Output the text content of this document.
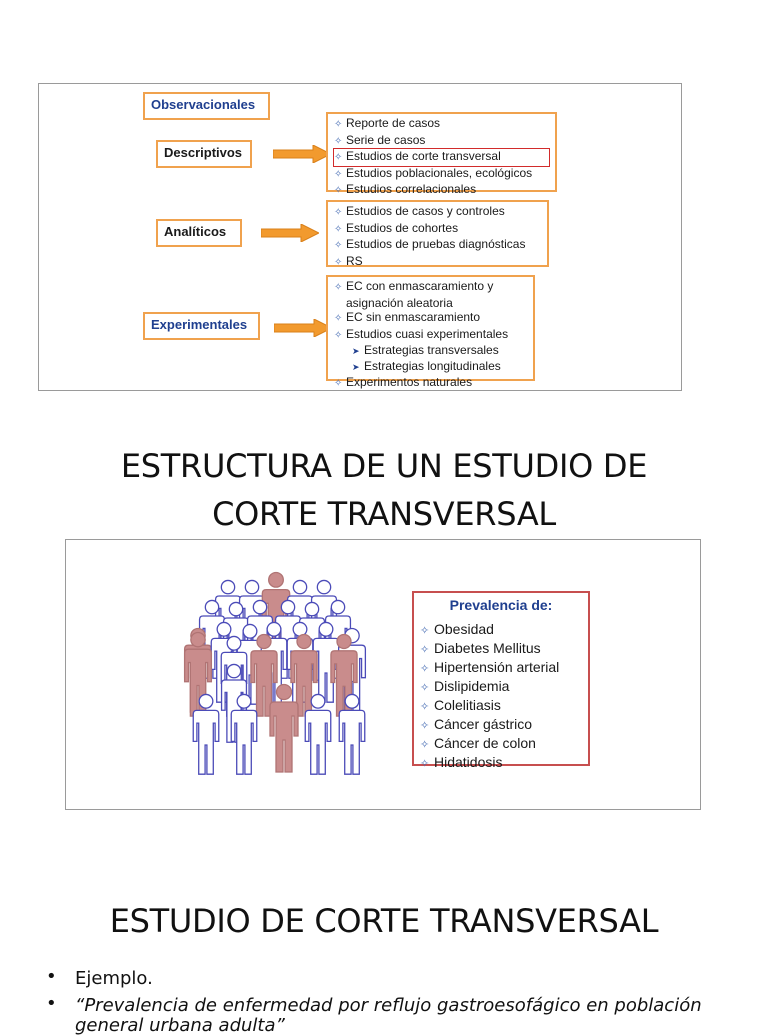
Observacionales
Descriptivos
✧ Reporte de casos
✧ Serie de casos
✧ Estudios de corte transversal
✧ Estudios poblacionales, ecológicos
✧ Estudios correlacionales
Analíticos
✧ Estudios de casos y controles
✧ Estudios de cohortes
✧ Estudios de pruebas diagnósticas
✧ RS
Experimentales
✧ EC con enmascaramiento y
asignación aleatoria
✧ EC sin enmascaramiento
✧ Estudios cuasi experimentales
➤ Estrategias transversales
➤ Estrategias longitudinales
✧ Experimentos naturales
ESTRUCTURA DE UN ESTUDIO DE
CORTE TRANSVERSAL
Prevalencia de:
✧ Obesidad
✧ Diabetes Mellitus
✧ Hipertensión arterial
✧ Dislipidemia
✧ Colelitiasis
✧ Cáncer gástrico
✧ Cáncer de colon
✧ Hidatidosis
ESTUDIO DE CORTE TRANSVERSAL
• Ejemplo.
• “Prevalencia de enfermedad por reflujo gastroesofágico en población
general urbana adulta”
